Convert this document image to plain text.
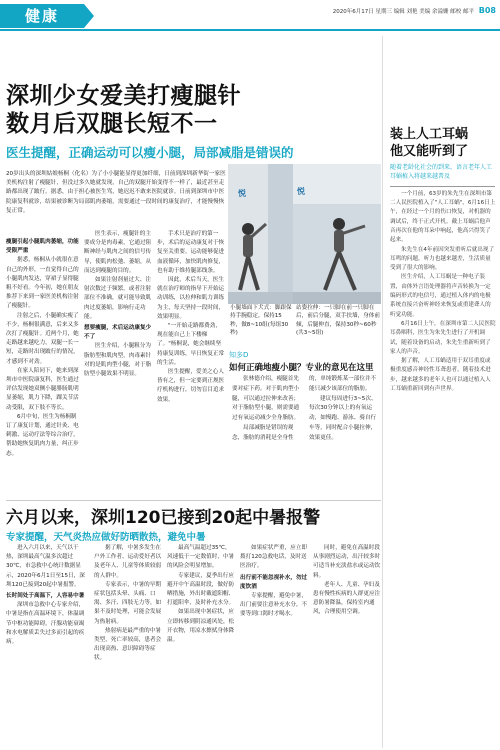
健康	2020年6月17日 星期三 编辑 刘艳 美编 余溢姗 邮校 邮平 B08
深圳少女爱美打瘦腿针
数月后双腿长短不一
医生提醒，正确运动可以瘦小腿，局部减脂是错误的
20岁出头的深圳姑娘杨桐（化名）为了小小腿能显得更加纤细，日前到深圳新华街一家医美机构注射了瘦腿针，但没过多久她就发现，自己的双腿开始变得不一样了，最近甚至走路都出现了跛行。据悉，由于担心被医生骂，她迟迟不敢来医院就诊。日前到深圳市中医院康复科就诊，结果被诊断为局部肌肉萎缩，需要通过一段时间的康复治疗，才能慢慢恢复正常。

瘦腿引起小腿肌肉萎缩，功能受限严重

据悉，杨桐从小就很在意自己的外形，一直觉得自己的小腿肌肉发达，穿裙子显得腿粗不好看。今年初，她在朋友推荐下来到一家医美机构注射了瘦腿针。

注射之后，小腿确实瘦了不少，杨桐很满意，后来又多次打了瘦腿针。近两个月，她走路越来越吃力，双腿一长一短，走路时出现跛行的情况，才感到不对劲。

在家人陪同下，她来到深圳市中医院康复科，医生通过评估发现她双侧小腿腓肠肌明显萎缩，肌力下降，踝关节活动受限，双下肢不等长。

6月中旬，医生为杨桐制订了康复计划，通过针灸、电刺激、运动疗法等综合治疗，帮助她恢复肌肉力量，纠正步态。

医生表示，瘦腿针的主要成分是肉毒素，它通过阻断神经与肌肉之间的信号传导，使肌肉松弛、萎缩，从而达到瘦腿的目的。

如果注射剂量过大、注射次数过于频繁，或者注射部位不准确，就可能导致肌肉过度萎缩，影响行走功能。

想要瘦腿，术后运动康复少不了

医生介绍，小腿粗分为脂肪型和肌肉型，肉毒素针对的是肌肉型小腿，对于脂肪型小腿效果不明显。

手术只是治疗的第一步，术后的运动康复对于恢复至关重要。运动能够促进血液循环，加快肌肉修复，也有助于维持腿部线条。

因此，术后当天，医生就在治疗师的指导下开始运动训练，以拉伸和肌力训练为主，每天坚持一段时间，效果明显。

"一开始走路都费劲，现在能自己上下楼梯了。"杨桐说，她会继续坚持康复训练，早日恢复正常的生活。

医生提醒，爱美之心人皆有之，但一定要到正规医疗机构进行，切勿盲目追求效果。

悦	悦
小腿墙面下犬式：脚跟保持手腕稳定，保持15秒，做8~10组(每组30秒)
站姿拉伸：一只脚在前一只脚在后，前后分腿，双手扶墙，身体前倾，后腿伸直，保持30秒~60秒(共3~5组)
知多D
如何正确地瘦小腿？专业的意见在这里

张林德介绍，瘦腿首先要对症下药。对于肌肉型小腿，可以通过拉伸来改善；对于脂肪型小腿，则需要通过有氧运动减少全身脂肪。

局部减脂是错误的观念，脂肪的消耗是全身性的，单纯锻炼某一部位并不能只减少该部位的脂肪。

建议每周进行3~5次、每次30分钟以上的有氧运动，如慢跑、游泳、骑自行车等，同时配合小腿拉伸，效果更佳。

六月以来，深圳120已接到20起中暑报警
专家提醒，天气炎热应做好防晒散热，避免中暑

进入六月以来，天气以干热，深圳最高气温多次超过30℃，市急救中心统计数据显示，2020年6月1日至15日，深圳120已接到20起中暑报警。

长时间处于高温下，人容易中暑

深圳市急救中心专家介绍，中暑是指在高温环境下，体温调节中枢功能障碍，汗腺功能衰竭和水电解质丢失过多而引起的疾病。

据了解，中暑多发生在户外工作者、运动爱好者以及老年人、儿童等体质较弱的人群中。

专家表示，中暑的早期症状包括头晕、头痛、口渴、多汗、四肢无力等，如果不及时处理，可能会发展为热射病。

热射病是最严重的中暑类型，死亡率较高，患者会出现高热、意识障碍等症状。

最高气温超过35℃，风速低于一定数值时，中暑的风险会明显增加。

专家建议，夏季出行应避开中午高温时段，做好防晒措施，外出时戴遮阳帽、打遮阳伞，及时补充水分。

如果出现中暑症状，应立即转移到阴凉通风处，松开衣物，用凉水擦拭身体降温。

如果症状严重，应立即拨打120急救电话，及时送医治疗。

出行前不能忽视补水，勿过度饮酒

专家提醒，避免中暑，出门前要注意补充水分，不要等到口渴时才喝水。

同时，避免在高温时段从事剧烈运动，出汗较多时可适当补充淡盐水或运动饮料。

老年人、儿童、孕妇及患有慢性疾病的人群更应注意防暑降温，保持室内通风，合理使用空调。

装上人工耳蜗
他又能听到了
随着老龄化社会的到来，语言老年人工耳蜗植入将越来越普及

一个月前，63岁的朱先生在深圳市第二人民医院植入了"人工耳蜗"，6月16日上午，在经过一个月的伤口恢复，对机器的调试后，终于正式开机。戴上耳蜗后他声音再次在他的耳朵中响起，他高兴得笑了起来。

朱先生在4年前因突发重听后就出现了耳鸣的问题，听力也越来越差，生活质量受到了很大的影响。

医生介绍，人工耳蜗是一种电子装置，由体外言语处理器将声音转换为一定编码形式的电信号，通过植入体内的电极系统直接兴奋听神经来恢复或重建聋人的听觉功能。

6月16日上午，在深圳市第二人民医院耳鼻咽科，医生为朱先生进行了开机调试，随着设备的启动，朱先生重新听到了家人的声音。

据了解，人工耳蜗适用于双耳重度或极重度感音神经性耳聋患者，随着技术进步，越来越多的老年人也可以通过植入人工耳蜗重新回到有声世界。
